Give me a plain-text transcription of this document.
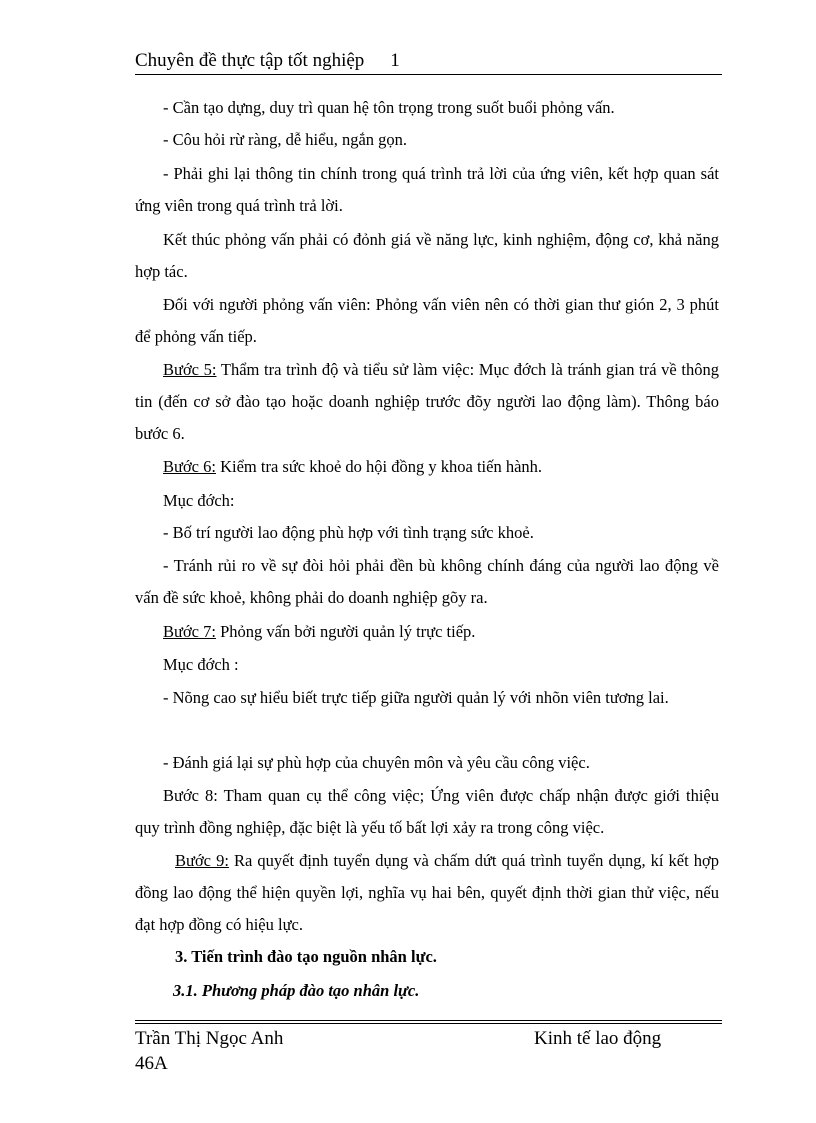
Chuyên đề thực tập tốt nghiệp 1
- Cần tạo dựng, duy trì quan hệ tôn trọng trong suốt buổi phỏng vấn.
- Côu hỏi rừ ràng, dễ hiểu, ngắn gọn.
- Phải ghi lại thông tin chính trong quá trình trả lời của ứng viên, kết hợp quan sát ứng viên trong quá trình trả lời.
Kết thúc phỏng vấn phải có đỏnh giá về năng lực, kinh nghiệm, động cơ, khả năng hợp tác.
Đối với người phỏng vấn viên: Phỏng vấn viên nên có thời gian thư gión 2, 3 phút để phỏng vấn tiếp.
Bước 5: Thẩm tra trình độ và tiểu sử làm việc: Mục đớch là tránh gian trá về thông tin (đến cơ sở đào tạo hoặc doanh nghiệp trước đõy người lao động làm). Thông báo bước 6.
Bước 6: Kiểm tra sức khoẻ do hội đồng y khoa tiến hành.
Mục đớch:
- Bố trí người lao động phù hợp với tình trạng sức khoẻ.
- Tránh rủi ro về sự đòi hỏi phải đền bù không chính đáng của người lao động về vấn đề sức khoẻ, không phải do doanh nghiệp gõy ra.
Bước 7: Phỏng vấn bởi người quản lý trực tiếp.
Mục đớch :
- Nõng cao sự hiểu biết trực tiếp giữa người quản lý với nhõn viên tương lai.
- Đánh giá lại sự phù hợp của chuyên môn và yêu cầu công việc.
Bước 8: Tham quan cụ thể công việc; Ứng viên được chấp nhận được giới thiệu quy trình đồng nghiệp, đặc biệt là yếu tố bất lợi xảy ra trong công việc.
Bước 9: Ra quyết định tuyển dụng và chấm dứt quá trình tuyển dụng, kí kết hợp đồng lao động thể hiện quyền lợi, nghĩa vụ hai bên, quyết định thời gian thử việc, nếu đạt hợp đồng có hiệu lực.
3. Tiến trình đào tạo nguồn nhân lực.
3.1. Phương pháp đào tạo nhân lực.
Trần Thị Ngọc Anh	Kinh tế lao động
46A
